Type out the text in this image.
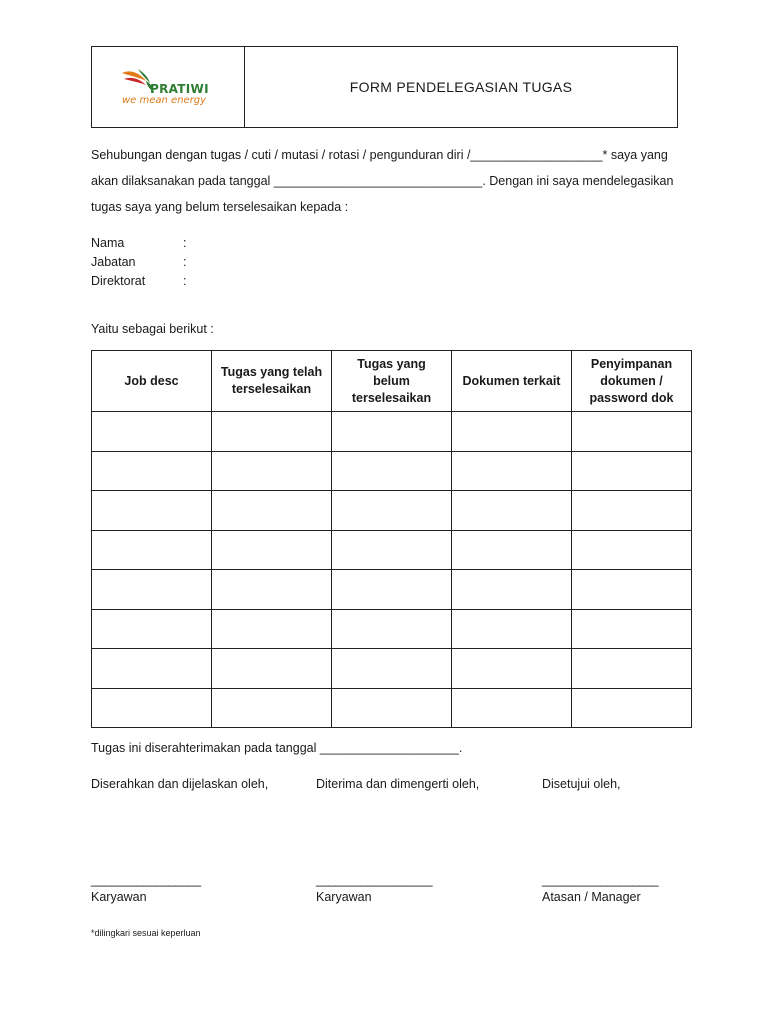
PRATIWI
we mean energy
FORM PENDELEGASIAN TUGAS
Sehubungan dengan tugas / cuti / mutasi / rotasi / pengunduran diri /___________________* saya yang
akan dilaksanakan pada tanggal ______________________________. Dengan ini saya mendelegasikan
tugas saya yang belum terselesaikan kepada :
Nama	:
Jabatan	:
Direktorat	:
Yaitu sebagai berikut :
Job desc	Tugas yang telah terselesaikan	Tugas yang belum terselesaikan	Dokumen terkait	Penyimpanan dokumen / password dok

Tugas ini diserahterimakan pada tanggal ____________________.
Diserahkan dan dijelaskan oleh,	Diterima dan dimengerti oleh,	Disetujui oleh,
_________________	__________________	__________________
Karyawan	Karyawan	Atasan / Manager
*dilingkari sesuai keperluan
